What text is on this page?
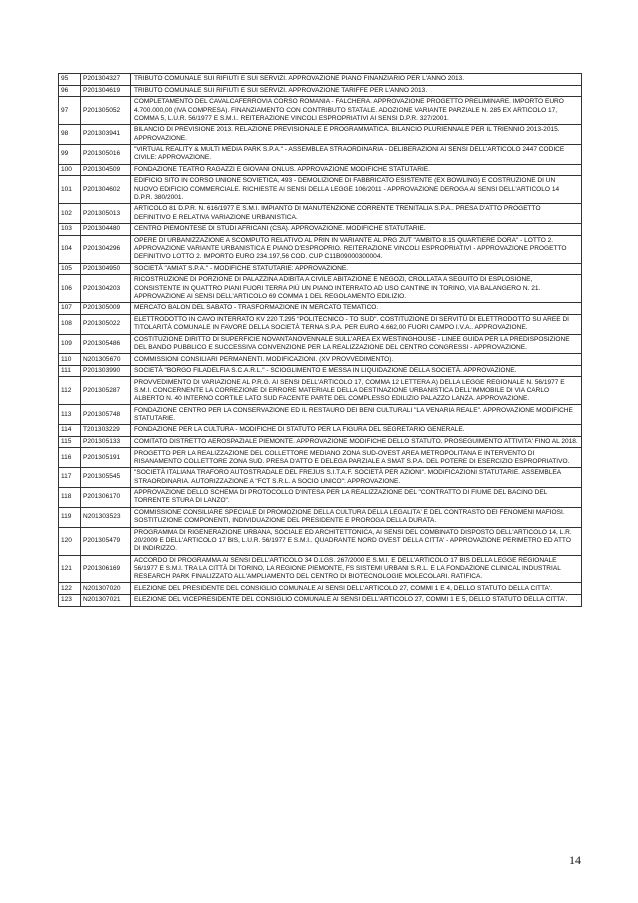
95	P201304327	TRIBUTO COMUNALE SUI RIFIUTI E SUI SERVIZI. APPROVAZIONE PIANO FINANZIARIO PER L'ANNO 2013.
96	P201304619	TRIBUTO COMUNALE SUI RIFIUTI E SUI SERVIZI. APPROVAZIONE TARIFFE PER L'ANNO 2013.
97	P201305052	COMPLETAMENTO DEL CAVALCAFERROVIA CORSO ROMANIA - FALCHERA. APPROVAZIONE PROGETTO PRELIMINARE. IMPORTO EURO 4.700.000,00 (IVA COMPRESA). FINANZIAMENTO CON CONTRIBUTO STATALE. ADOZIONE VARIANTE PARZIALE N. 285 EX ARTICOLO 17, COMMA 5, L.U.R. 56/1977 E S.M.I.. REITERAZIONE VINCOLI ESPROPRIATIVI AI SENSI D.P.R. 327/2001.
98	P201303941	BILANCIO DI PREVISIONE 2013. RELAZIONE PREVISIONALE E PROGRAMMATICA. BILANCIO PLURIENNALE PER IL TRIENNIO 2013-2015. APPROVAZIONE.
99	P201305016	"VIRTUAL REALITY & MULTI MEDIA PARK S.P.A." - ASSEMBLEA STRAORDINARIA - DELIBERAZIONI AI SENSI DELL'ARTICOLO 2447 CODICE CIVILE: APPROVAZIONE.
100	P201304509	FONDAZIONE TEATRO RAGAZZI E GIOVANI ONLUS. APPROVAZIONE MODIFICHE STATUTARIE.
101	P201304602	EDIFICIO SITO IN CORSO UNIONE SOVIETICA, 493 - DEMOLIZIONE DI FABBRICATO ESISTENTE (EX BOWLING) E COSTRUZIONE DI UN NUOVO EDIFICIO COMMERCIALE. RICHIESTE AI SENSI DELLA LEGGE 106/2011 - APPROVAZIONE DEROGA AI SENSI DELL'ARTICOLO 14 D.P.R. 380/2001.
102	P201305013	ARTICOLO 81 D.P.R. N. 616/1977 E S.M.I. IMPIANTO DI MANUTENZIONE CORRENTE TRENITALIA S.P.A.. PRESA D'ATTO PROGETTO DEFINITIVO E RELATIVA VARIAZIONE URBANISTICA.
103	P201304480	CENTRO PIEMONTESE DI STUDI AFRICANI (CSA). APPROVAZIONE. MODIFICHE STATUTARIE.
104	P201304296	OPERE DI URBANIZZAZIONE A SCOMPUTO RELATIVO AL PRIN IN VARIANTE AL PRG ZUT "AMBITO 8.15 QUARTIERE DORA" - LOTTO 2. APPROVAZIONE VARIANTE URBANISTICA E PIANO D'ESPROPRIO. REITERAZIONE VINCOLI ESPROPRIATIVI - APPROVAZIONE PROGETTO DEFINITIVO LOTTO 2. IMPORTO EURO 234.197,56 COD. CUP C11B09000300004.
105	P201304950	SOCIETÀ "AMIAT S.P.A." - MODIFICHE STATUTARIE: APPROVAZIONE.
106	P201304203	RICOSTRUZIONE DI PORZIONE DI PALAZZINA ADIBITA A CIVILE ABITAZIONE E NEGOZI, CROLLATA A SEGUITO DI ESPLOSIONE, CONSISTENTE IN QUATTRO PIANI FUORI TERRA PIÙ UN PIANO INTERRATO AD USO CANTINE IN TORINO, VIA BALANGERO N. 21. APPROVAZIONE AI SENSI DELL'ARTICOLO 69 COMMA 1 DEL REGOLAMENTO EDILIZIO.
107	P201305009	MERCATO BALON DEL SABATO - TRASFORMAZIONE IN MERCATO TEMATICO.
108	P201305022	ELETTRODOTTO IN CAVO INTERRATO KV 220 T.295 "POLITECNICO - TO SUD". COSTITUZIONE DI SERVITÙ DI ELETTRODOTTO SU AREE DI TITOLARITÀ COMUNALE IN FAVORE DELLA SOCIETÀ TERNA S.P.A. PER EURO 4.662,00 FUORI CAMPO I.V.A.. APPROVAZIONE.
109	P201305486	COSTITUZIONE DIRITTO DI SUPERFICIE NOVANTANOVENNALE SULL'AREA EX WESTINGHOUSE - LINEE GUIDA PER LA PREDISPOSIZIONE DEL BANDO PUBBLICO E SUCCESSIVA CONVENZIONE PER LA REALIZZAZIONE DEL CENTRO CONGRESSI - APPROVAZIONE.
110	N201305670	COMMISSIONI CONSILIARI PERMANENTI. MODIFICAZIONI. (XV PROVVEDIMENTO).
111	P201303990	SOCIETÀ "BORGO FILADELFIA S.C.A.R.L." - SCIOGLIMENTO E MESSA IN LIQUIDAZIONE DELLA SOCIETÀ. APPROVAZIONE.
112	P201305287	PROVVEDIMENTO DI VARIAZIONE AL P.R.G. AI SENSI DELL'ARTICOLO 17, COMMA 12 LETTERA A) DELLA LEGGE REGIONALE N. 56/1977 E S.M.I. CONCERNENTE LA CORREZIONE DI ERRORE MATERIALE DELLA DESTINAZIONE URBANISTICA DELL'IMMOBILE DI VIA CARLO ALBERTO N. 40 INTERNO CORTILE LATO SUD FACENTE PARTE DEL COMPLESSO EDILIZIO PALAZZO LANZA. APPROVAZIONE.
113	P201305748	FONDAZIONE CENTRO PER LA CONSERVAZIONE ED IL RESTAURO DEI BENI CULTURALI "LA VENARIA REALE". APPROVAZIONE MODIFICHE STATUTARIE.
114	T201303229	FONDAZIONE PER LA CULTURA - MODIFICHE DI STATUTO PER LA FIGURA DEL SEGRETARIO GENERALE.
115	P201305133	COMITATO DISTRETTO AEROSPAZIALE PIEMONTE. APPROVAZIONE MODIFICHE DELLO STATUTO. PROSEGUIMENTO ATTIVITA' FINO AL 2018.
116	P201305191	PROGETTO PER LA REALIZZAZIONE DEL COLLETTORE MEDIANO ZONA SUD-OVEST AREA METROPOLITANA E INTERVENTO DI RISANAMENTO COLLETTORE ZONA SUD. PRESA D'ATTO E DELEGA PARZIALE A SMAT S.P.A. DEL POTERE DI ESERCIZIO ESPROPRIATIVO.
117	P201305545	"SOCIETÀ ITALIANA TRAFORO AUTOSTRADALE DEL FREJUS S.I.T.A.F. SOCIETÀ PER AZIONI". MODIFICAZIONI STATUTARIE. ASSEMBLEA STRAORDINARIA. AUTORIZZAZIONE A "FCT S.R.L. A SOCIO UNICO": APPROVAZIONE.
118	P201306170	APPROVAZIONE DELLO SCHEMA DI PROTOCOLLO D'INTESA PER LA REALIZZAZIONE DEL "CONTRATTO DI FIUME DEL BACINO DEL TORRENTE STURA DI LANZO".
119	N201303523	COMMISSIONE CONSILIARE SPECIALE DI PROMOZIONE DELLA CULTURA DELLA LEGALITA' E DEL CONTRASTO DEI FENOMENI MAFIOSI. SOSTITUZIONE COMPONENTI, INDIVIDUAZIONE DEL PRESIDENTE E PROROGA DELLA DURATA.
120	P201305479	PROGRAMMA DI RIGENERAZIONE URBANA, SOCIALE ED ARCHITETTONICA, AI SENSI DEL COMBINATO DISPOSTO DELL'ARTICOLO 14, L.R. 20/2009 E DELL'ARTICOLO 17 BIS, L.U.R. 56/1977 E S.M.I.. QUADRANTE NORD OVEST DELLA CITTA' - APPROVAZIONE PERIMETRO ED ATTO DI INDIRIZZO.
121	P201306169	ACCORDO DI PROGRAMMA AI SENSI DELL'ARTICOLO 34 D.LGS. 267/2000 E S.M.I. E DELL'ARTICOLO 17 BIS DELLA LEGGE REGIONALE 56/1977 E S.M.I. TRA LA CITTÀ DI TORINO, LA REGIONE PIEMONTE, FS SISTEMI URBANI S.R.L. E LA FONDAZIONE CLINICAL INDUSTRIAL RESEARCH PARK FINALIZZATO ALL'AMPLIAMENTO DEL CENTRO DI BIOTECNOLOGIE MOLECOLARI. RATIFICA.
122	N201307020	ELEZIONE DEL PRESIDENTE DEL CONSIGLIO COMUNALE AI SENSI DELL'ARTICOLO 27, COMMI 1 E 4, DELLO STATUTO DELLA CITTA'.
123	N201307021	ELEZIONE DEL VICEPRESIDENTE DEL CONSIGLIO COMUNALE AI SENSI DELL'ARTICOLO 27, COMMI 1 E 5, DELLO STATUTO DELLA CITTA'.
14
